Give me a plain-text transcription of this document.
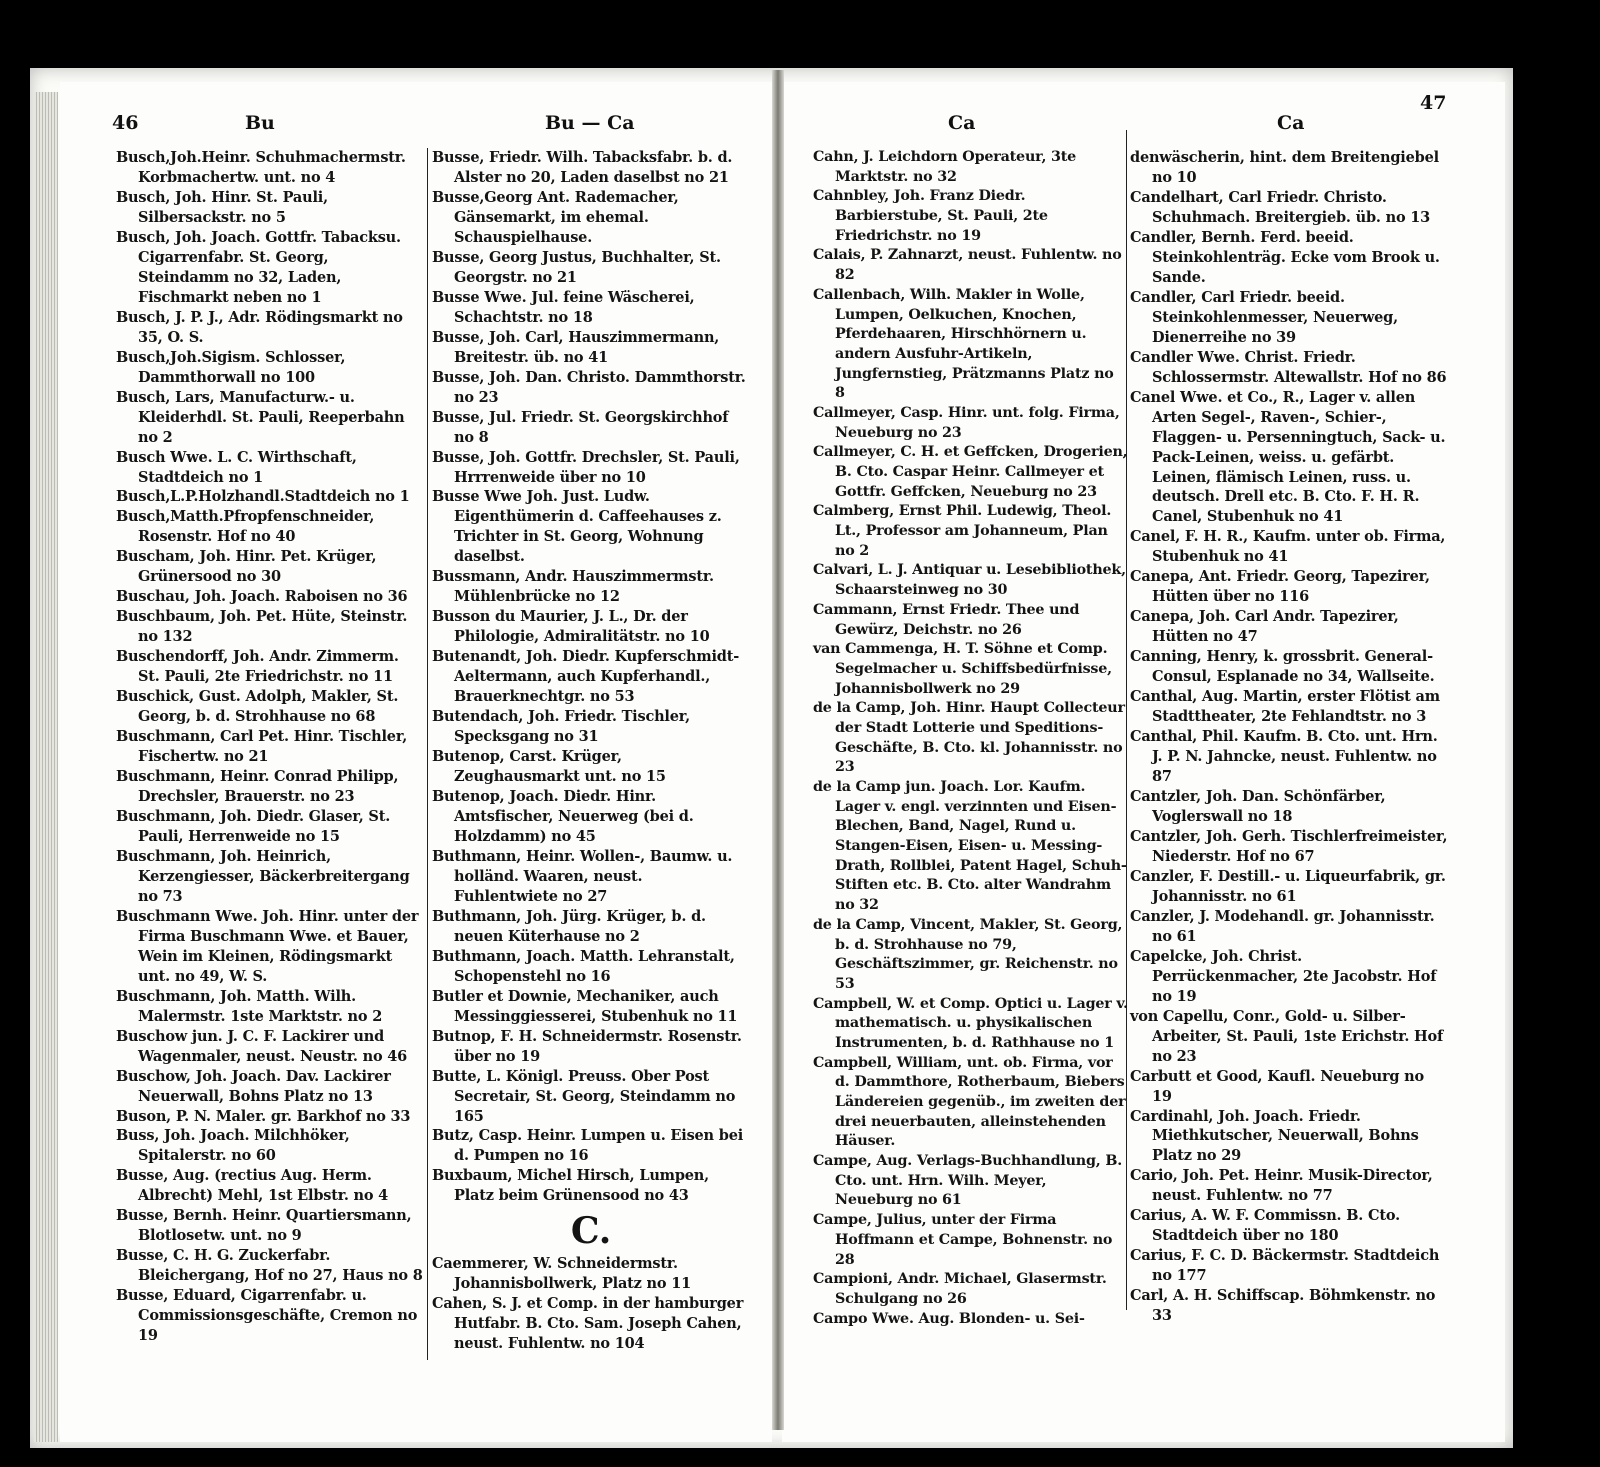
46	Bu	Bu — Ca	Ca	Ca
47

Busch,Joh.Heinr. Schuhmachermstr. Korbmachertw. unt. no 4

Busch, Joh. Hinr. St. Pauli, Silbersackstr. no 5

Busch, Joh. Joach. Gottfr. Tabacksu. Cigarrenfabr. St. Georg, Steindamm no 32, Laden, Fischmarkt neben no 1

Busch, J. P. J., Adr. Rödingsmarkt no 35, O. S.

Busch,Joh.Sigism. Schlosser, Dammthorwall no 100

Busch, Lars, Manufacturw.- u. Kleiderhdl. St. Pauli, Reeperbahn no 2

Busch Wwe. L. C. Wirthschaft, Stadtdeich no 1

Busch,L.P.Holzhandl.Stadtdeich no 1

Busch,Matth.Pfropfenschneider, Rosenstr. Hof no 40

Buscham, Joh. Hinr. Pet. Krüger, Grünersood no 30

Buschau, Joh. Joach. Raboisen no 36

Buschbaum, Joh. Pet. Hüte, Steinstr. no 132

Buschendorff, Joh. Andr. Zimmerm. St. Pauli, 2te Friedrichstr. no 11

Buschick, Gust. Adolph, Makler, St. Georg, b. d. Strohhause no 68

Buschmann, Carl Pet. Hinr. Tischler, Fischertw. no 21

Buschmann, Heinr. Conrad Philipp, Drechsler, Brauerstr. no 23

Buschmann, Joh. Diedr. Glaser, St. Pauli, Herrenweide no 15

Buschmann, Joh. Heinrich, Kerzengiesser, Bäckerbreitergang no 73

Buschmann Wwe. Joh. Hinr. unter der Firma Buschmann Wwe. et Bauer, Wein im Kleinen, Rödingsmarkt unt. no 49, W. S.

Buschmann, Joh. Matth. Wilh. Malermstr. 1ste Marktstr. no 2

Buschow jun. J. C. F. Lackirer und Wagenmaler, neust. Neustr. no 46

Buschow, Joh. Joach. Dav. Lackirer Neuerwall, Bohns Platz no 13

Buson, P. N. Maler. gr. Barkhof no 33

Buss, Joh. Joach. Milchhöker, Spitalerstr. no 60

Busse, Aug. (rectius Aug. Herm. Albrecht) Mehl, 1st Elbstr. no 4

Busse, Bernh. Heinr. Quartiersmann, Blotlosetw. unt. no 9

Busse, C. H. G. Zuckerfabr. Bleichergang, Hof no 27, Haus no 8

Busse, Eduard, Cigarrenfabr. u. Commissionsgeschäfte, Cremon no 19

Busse, Friedr. Wilh. Tabacksfabr. b. d. Alster no 20, Laden daselbst no 21

Busse,Georg Ant. Rademacher, Gänsemarkt, im ehemal. Schauspielhause.

Busse, Georg Justus, Buchhalter, St. Georgstr. no 21

Busse Wwe. Jul. feine Wäscherei, Schachtstr. no 18

Busse, Joh. Carl, Hauszimmermann, Breitestr. üb. no 41

Busse, Joh. Dan. Christo. Dammthorstr. no 23

Busse, Jul. Friedr. St. Georgskirchhof no 8

Busse, Joh. Gottfr. Drechsler, St. Pauli, Hrrrenweide über no 10

Busse Wwe Joh. Just. Ludw. Eigenthümerin d. Caffeehauses z. Trichter in St. Georg, Wohnung daselbst.

Bussmann, Andr. Hauszimmermstr. Mühlenbrücke no 12

Busson du Maurier, J. L., Dr. der Philologie, Admiralitätstr. no 10

Butenandt, Joh. Diedr. Kupferschmidt-Aeltermann, auch Kupferhandl., Brauerknechtgr. no 53

Butendach, Joh. Friedr. Tischler, Specksgang no 31

Butenop, Carst. Krüger, Zeughausmarkt unt. no 15

Butenop, Joach. Diedr. Hinr. Amtsfischer, Neuerweg (bei d. Holzdamm) no 45

Buthmann, Heinr. Wollen-, Baumw. u. holländ. Waaren, neust. Fuhlentwiete no 27

Buthmann, Joh. Jürg. Krüger, b. d. neuen Küterhause no 2

Buthmann, Joach. Matth. Lehranstalt, Schopenstehl no 16

Butler et Downie, Mechaniker, auch Messinggiesserei, Stubenhuk no 11

Butnop, F. H. Schneidermstr. Rosenstr. über no 19

Butte, L. Königl. Preuss. Ober Post Secretair, St. Georg, Steindamm no 165

Butz, Casp. Heinr. Lumpen u. Eisen bei d. Pumpen no 16

Buxbaum, Michel Hirsch, Lumpen, Platz beim Grünensood no 43

C.

Caemmerer, W. Schneidermstr. Johannisbollwerk, Platz no 11

Cahen, S. J. et Comp. in der hamburger Hutfabr. B. Cto. Sam. Joseph Cahen, neust. Fuhlentw. no 104

Cahn, J. Leichdorn Operateur, 3te Marktstr. no 32

Cahnbley, Joh. Franz Diedr. Barbierstube, St. Pauli, 2te Friedrichstr. no 19

Calais, P. Zahnarzt, neust. Fuhlentw. no 82

Callenbach, Wilh. Makler in Wolle, Lumpen, Oelkuchen, Knochen, Pferdehaaren, Hirschhörnern u. andern Ausfuhr-Artikeln, Jungfernstieg, Prätzmanns Platz no 8

Callmeyer, Casp. Hinr. unt. folg. Firma, Neueburg no 23

Callmeyer, C. H. et Geffcken, Drogerien, B. Cto. Caspar Heinr. Callmeyer et Gottfr. Geffcken, Neueburg no 23

Calmberg, Ernst Phil. Ludewig, Theol. Lt., Professor am Johanneum, Plan no 2

Calvari, L. J. Antiquar u. Lesebibliothek, Schaarsteinweg no 30

Cammann, Ernst Friedr. Thee und Gewürz, Deichstr. no 26

van Cammenga, H. T. Söhne et Comp. Segelmacher u. Schiffsbedürfnisse, Johannisbollwerk no 29

de la Camp, Joh. Hinr. Haupt Collecteur der Stadt Lotterie und Speditions-Geschäfte, B. Cto. kl. Johannisstr. no 23

de la Camp jun. Joach. Lor. Kaufm. Lager v. engl. verzinnten und Eisen-Blechen, Band, Nagel, Rund u. Stangen-Eisen, Eisen- u. Messing-Drath, Rollblei, Patent Hagel, Schuh-Stiften etc. B. Cto. alter Wandrahm no 32

de la Camp, Vincent, Makler, St. Georg, b. d. Strohhause no 79, Geschäftszimmer, gr. Reichenstr. no 53

Campbell, W. et Comp. Optici u. Lager v. mathematisch. u. physikalischen Instrumenten, b. d. Rathhause no 1

Campbell, William, unt. ob. Firma, vor d. Dammthore, Rotherbaum, Biebers Ländereien gegenüb., im zweiten der drei neuerbauten, alleinstehenden Häuser.

Campe, Aug. Verlags-Buchhandlung, B. Cto. unt. Hrn. Wilh. Meyer, Neueburg no 61

Campe, Julius, unter der Firma Hoffmann et Campe, Bohnenstr. no 28

Campioni, Andr. Michael, Glasermstr. Schulgang no 26

Campo Wwe. Aug. Blonden- u. Sei-

denwäscherin, hint. dem Breitengiebel no 10

Candelhart, Carl Friedr. Christo. Schuhmach. Breitergieb. üb. no 13

Candler, Bernh. Ferd. beeid. Steinkohlenträg. Ecke vom Brook u. Sande.

Candler, Carl Friedr. beeid. Steinkohlenmesser, Neuerweg, Dienerreihe no 39

Candler Wwe. Christ. Friedr. Schlossermstr. Altewallstr. Hof no 86

Canel Wwe. et Co., R., Lager v. allen Arten Segel-, Raven-, Schier-, Flaggen- u. Persenningtuch, Sack- u. Pack-Leinen, weiss. u. gefärbt. Leinen, flämisch Leinen, russ. u. deutsch. Drell etc. B. Cto. F. H. R. Canel, Stubenhuk no 41

Canel, F. H. R., Kaufm. unter ob. Firma, Stubenhuk no 41

Canepa, Ant. Friedr. Georg, Tapezirer, Hütten über no 116

Canepa, Joh. Carl Andr. Tapezirer, Hütten no 47

Canning, Henry, k. grossbrit. General-Consul, Esplanade no 34, Wallseite.

Canthal, Aug. Martin, erster Flötist am Stadttheater, 2te Fehlandtstr. no 3

Canthal, Phil. Kaufm. B. Cto. unt. Hrn. J. P. N. Jahncke, neust. Fuhlentw. no 87

Cantzler, Joh. Dan. Schönfärber, Voglerswall no 18

Cantzler, Joh. Gerh. Tischlerfreimeister, Niederstr. Hof no 67

Canzler, F. Destill.- u. Liqueurfabrik, gr. Johannisstr. no 61

Canzler, J. Modehandl. gr. Johannisstr. no 61

Capelcke, Joh. Christ. Perrückenmacher, 2te Jacobstr. Hof no 19

von Capellu, Conr., Gold- u. Silber-Arbeiter, St. Pauli, 1ste Erichstr. Hof no 23

Carbutt et Good, Kaufl. Neueburg no 19

Cardinahl, Joh. Joach. Friedr. Miethkutscher, Neuerwall, Bohns Platz no 29

Cario, Joh. Pet. Heinr. Musik-Director, neust. Fuhlentw. no 77

Carius, A. W. F. Commissn. B. Cto. Stadtdeich über no 180

Carius, F. C. D. Bäckermstr. Stadtdeich no 177

Carl, A. H. Schiffscap. Böhmkenstr. no 33
